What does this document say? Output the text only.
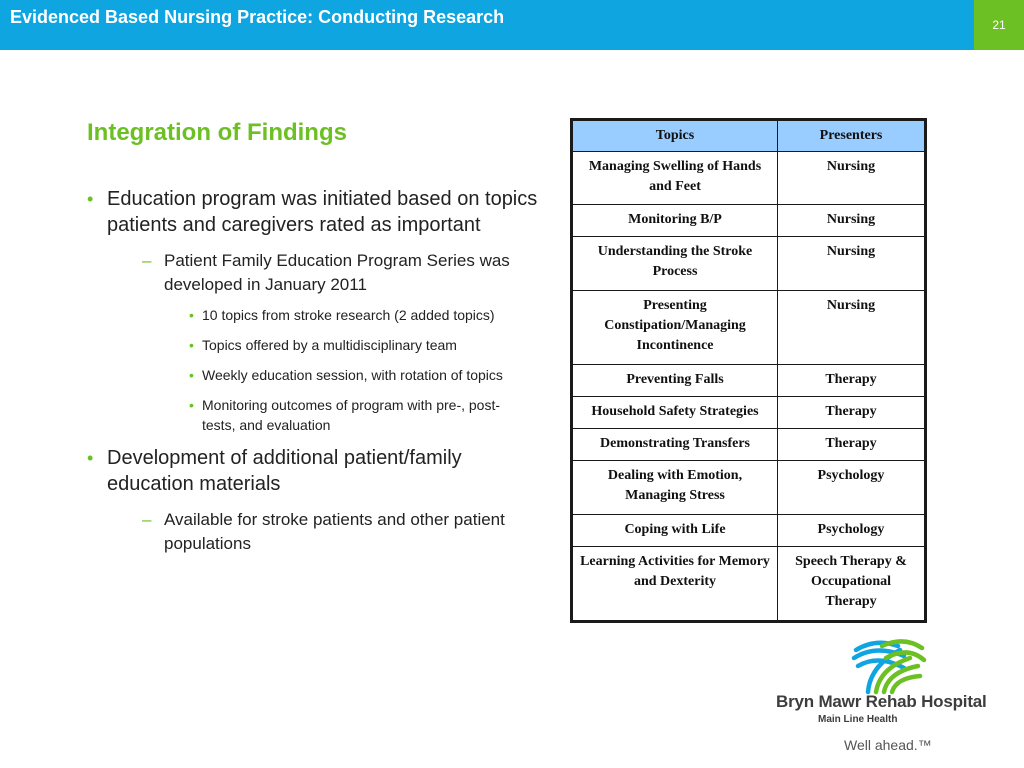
Evidenced Based Nursing Practice: Conducting Research	21
Integration of Findings
• Education program was initiated based on topics patients and caregivers rated as important
– Patient Family Education Program Series was developed in January 2011
• 10 topics from stroke research (2 added topics)
• Topics offered by a multidisciplinary team
• Weekly education session, with rotation of topics
• Monitoring outcomes of program with pre-, post- tests, and evaluation
• Development of additional patient/family education materials
– Available for stroke patients and other patient populations
Topics	Presenters
Managing Swelling of Hands and Feet	Nursing
Monitoring B/P	Nursing
Understanding the Stroke Process	Nursing
Presenting Constipation/Managing Incontinence	Nursing
Preventing Falls	Therapy
Household Safety Strategies	Therapy
Demonstrating Transfers	Therapy
Dealing with Emotion, Managing Stress	Psychology
Coping with Life	Psychology
Learning Activities for Memory and Dexterity	Speech Therapy & Occupational Therapy
Bryn Mawr Rehab Hospital
Main Line Health
Well ahead.™
